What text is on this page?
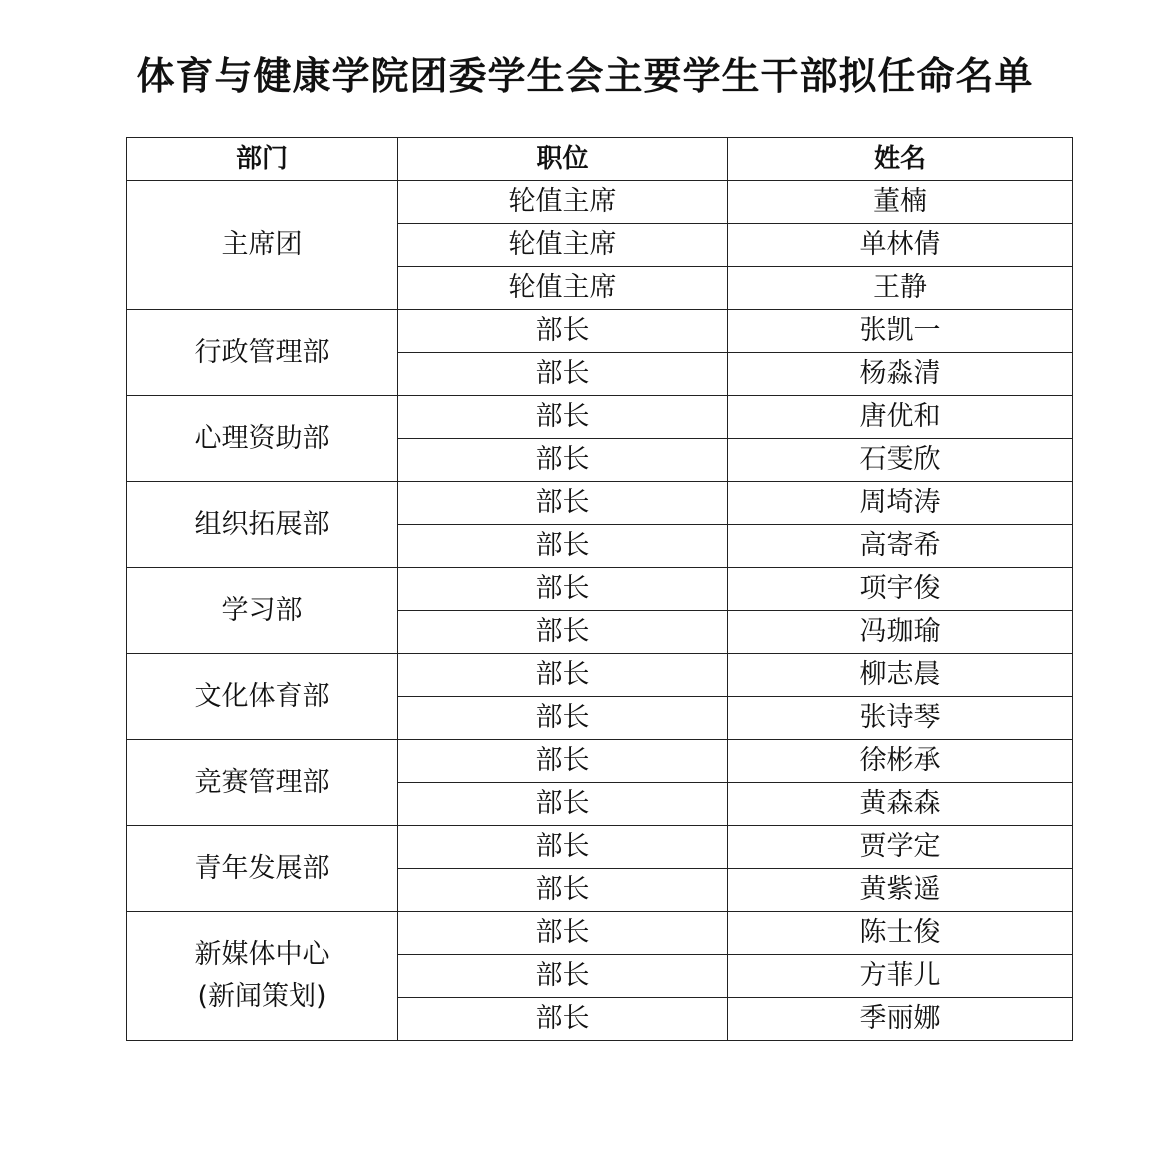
体育与健康学院团委学生会主要学生干部拟任命名单
部门	职位	姓名

主席团	轮值主席	董楠
	轮值主席	单林倩
	轮值主席	王静

行政管理部	部长	张凯一
	部长	杨淼清

心理资助部	部长	唐优和
	部长	石雯欣

组织拓展部	部长	周埼涛
	部长	高寄希

学习部	部长	项宇俊
	部长	冯珈瑜

文化体育部	部长	柳志晨
	部长	张诗琴

竞赛管理部	部长	徐彬承
	部长	黄森森

青年发展部	部长	贾学定
	部长	黄紫遥

新媒体中心
(新闻策划)	部长	陈士俊
	部长	方菲儿
	部长	季丽娜
